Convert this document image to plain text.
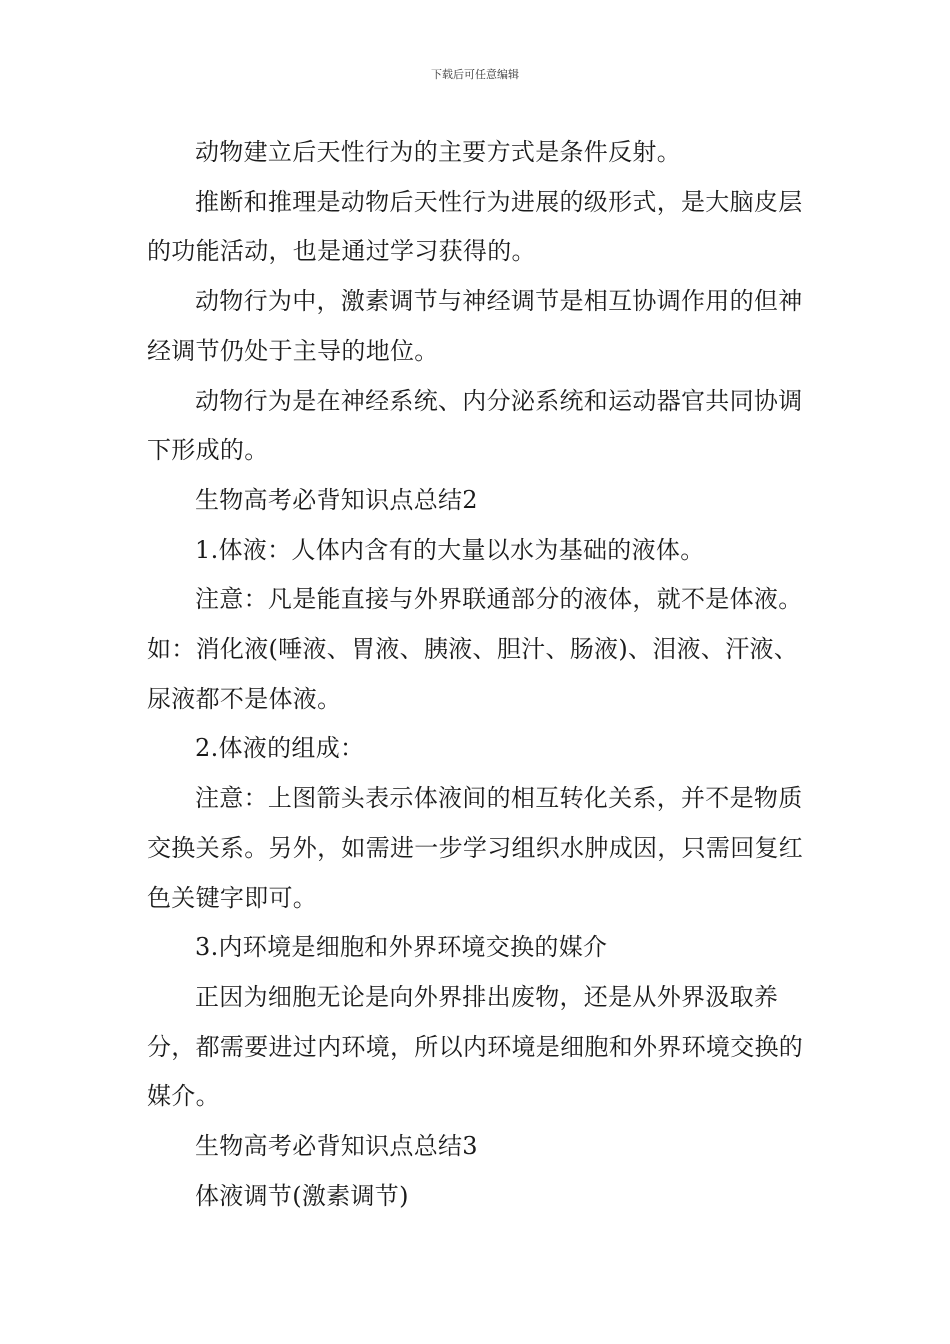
下载后可任意编辑

动物建立后天性行为的主要方式是条件反射。

推断和推理是动物后天性行为进展的级形式，是大脑皮层的功能活动，也是通过学习获得的。

动物行为中，激素调节与神经调节是相互协调作用的但神经调节仍处于主导的地位。

动物行为是在神经系统、内分泌系统和运动器官共同协调下形成的。

生物高考必背知识点总结2

1.体液：人体内含有的大量以水为基础的液体。

注意：凡是能直接与外界联通部分的液体，就不是体液。如：消化液(唾液、胃液、胰液、胆汁、肠液)、泪液、汗液、尿液都不是体液。

2.体液的组成：

注意：上图箭头表示体液间的相互转化关系，并不是物质交换关系。另外，如需进一步学习组织水肿成因，只需回复红色关键字即可。

3.内环境是细胞和外界环境交换的媒介

正因为细胞无论是向外界排出废物，还是从外界汲取养分，都需要进过内环境，所以内环境是细胞和外界环境交换的媒介。

生物高考必背知识点总结3

体液调节(激素调节)
